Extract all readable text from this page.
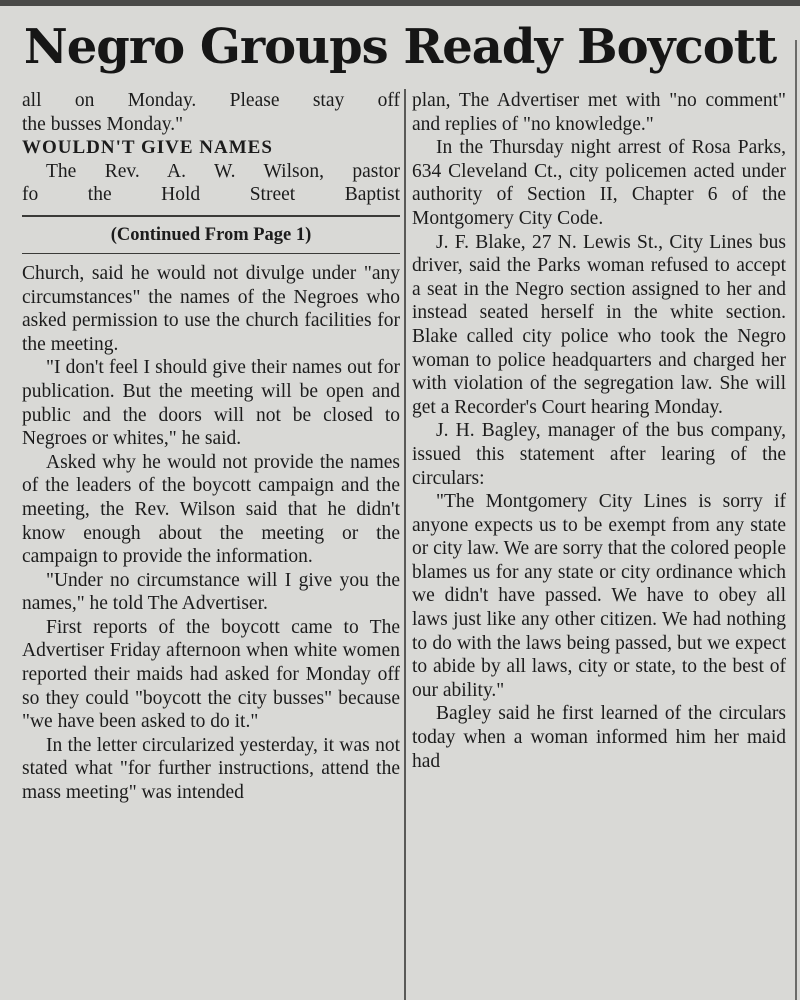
Negro Groups Ready Boycott
all on Monday. Please stay off
the busses Monday."

WOULDN'T GIVE NAMES

The Rev. A. W. Wilson, pastor
fo the Hold Street Baptist

(Continued From Page 1)

Church, said he would not divulge under "any circumstances" the names of the Negroes who asked permission to use the church facilities for the meeting.

"I don't feel I should give their names out for publication. But the meeting will be open and public and the doors will not be closed to Negroes or whites," he said.

Asked why he would not provide the names of the leaders of the boycott campaign and the meeting, the Rev. Wilson said that he didn't know enough about the meeting or the campaign to provide the information.

"Under no circumstance will I give you the names," he told The Advertiser.

First reports of the boycott came to The Advertiser Friday afternoon when white women reported their maids had asked for Monday off so they could "boycott the city busses" because "we have been asked to do it."

In the letter circularized yesterday, it was not stated what "for further instructions, attend the mass meeting" was intended

plan, The Advertiser met with "no comment" and replies of "no knowledge."

In the Thursday night arrest of Rosa Parks, 634 Cleveland Ct., city policemen acted under authority of Section II, Chapter 6 of the Montgomery City Code.

J. F. Blake, 27 N. Lewis St., City Lines bus driver, said the Parks woman refused to accept a seat in the Negro section assigned to her and instead seated herself in the white section. Blake called city police who took the Negro woman to police headquarters and charged her with violation of the segregation law. She will get a Recorder's Court hearing Monday.

J. H. Bagley, manager of the bus company, issued this statement after learing of the circulars:

"The Montgomery City Lines is sorry if anyone expects us to be exempt from any state or city law. We are sorry that the colored people blames us for any state or city ordinance which we didn't have passed. We have to obey all laws just like any other citizen. We had nothing to do with the laws being passed, but we expect to abide by all laws, city or state, to the best of our ability."

Bagley said he first learned of the circulars today when a woman informed him her maid had
